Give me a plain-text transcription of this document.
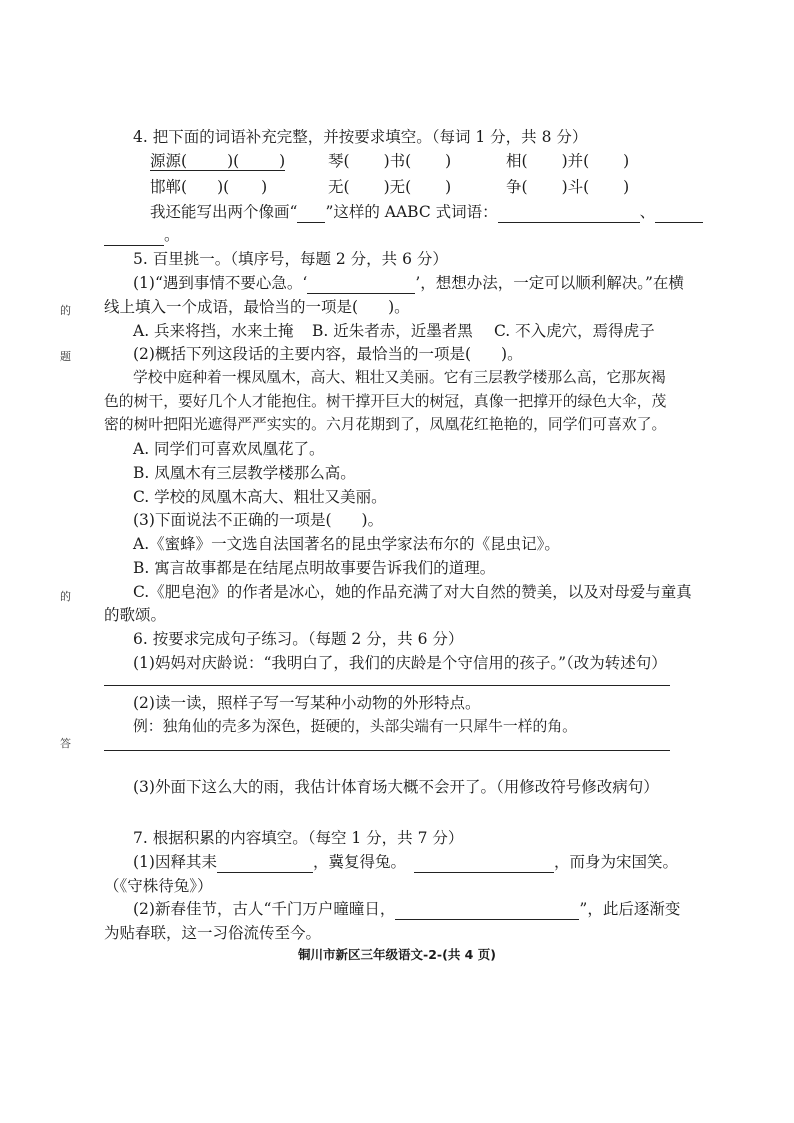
的
题
的
答
4. 把下面的词语补充完整，并按要求填空。（每词 1 分，共 8 分）
源源(	)(	)	琴( )书( )	相( )并( )
邯郸( )( )	无( )无( )	争( )斗( )
我还能写出两个像画“ ”这样的 AABC 式词语：	、
。
5. 百里挑一。（填序号，每题 2 分，共 6 分）
(1)“遇到事情不要心急。‘	’，想想办法，一定可以顺利解决。”在横
线上填入一个成语，最恰当的一项是( )。
A. 兵来将挡，水来土掩 B. 近朱者赤，近墨者黑 C. 不入虎穴，焉得虎子
(2)概括下列这段话的主要内容，最恰当的一项是( )。
学校中庭种着一棵凤凰木，高大、粗壮又美丽。它有三层教学楼那么高，它那灰褐
色的树干，要好几个人才能抱住。树干撑开巨大的树冠，真像一把撑开的绿色大伞，茂
密的树叶把阳光遮得严严实实的。六月花期到了，凤凰花红艳艳的，同学们可喜欢了。
A. 同学们可喜欢凤凰花了。
B. 凤凰木有三层教学楼那么高。
C. 学校的凤凰木高大、粗壮又美丽。
(3)下面说法不正确的一项是( )。
A.《蜜蜂》一文选自法国著名的昆虫学家法布尔的《昆虫记》。
B. 寓言故事都是在结尾点明故事要告诉我们的道理。
C.《肥皂泡》的作者是冰心，她的作品充满了对大自然的赞美，以及对母爱与童真
的歌颂。
6. 按要求完成句子练习。（每题 2 分，共 6 分）
(1)妈妈对庆龄说：“我明白了，我们的庆龄是个守信用的孩子。”（改为转述句）
(2)读一读，照样子写一写某种小动物的外形特点。
例：独角仙的壳多为深色，挺硬的，头部尖端有一只犀牛一样的角。
(3)外面下这么大的雨，我估计体育场大概不会开了。（用修改符号修改病句）
7. 根据积累的内容填空。（每空 1 分，共 7 分）
(1)因释其耒	，冀复得兔。	，而身为宋国笑。
（《守株待兔》）
(2)新春佳节，古人“千门万户曈曈日，	”，此后逐渐变
为贴春联，这一习俗流传至今。
铜川市新区三年级语文-2-(共 4 页)
